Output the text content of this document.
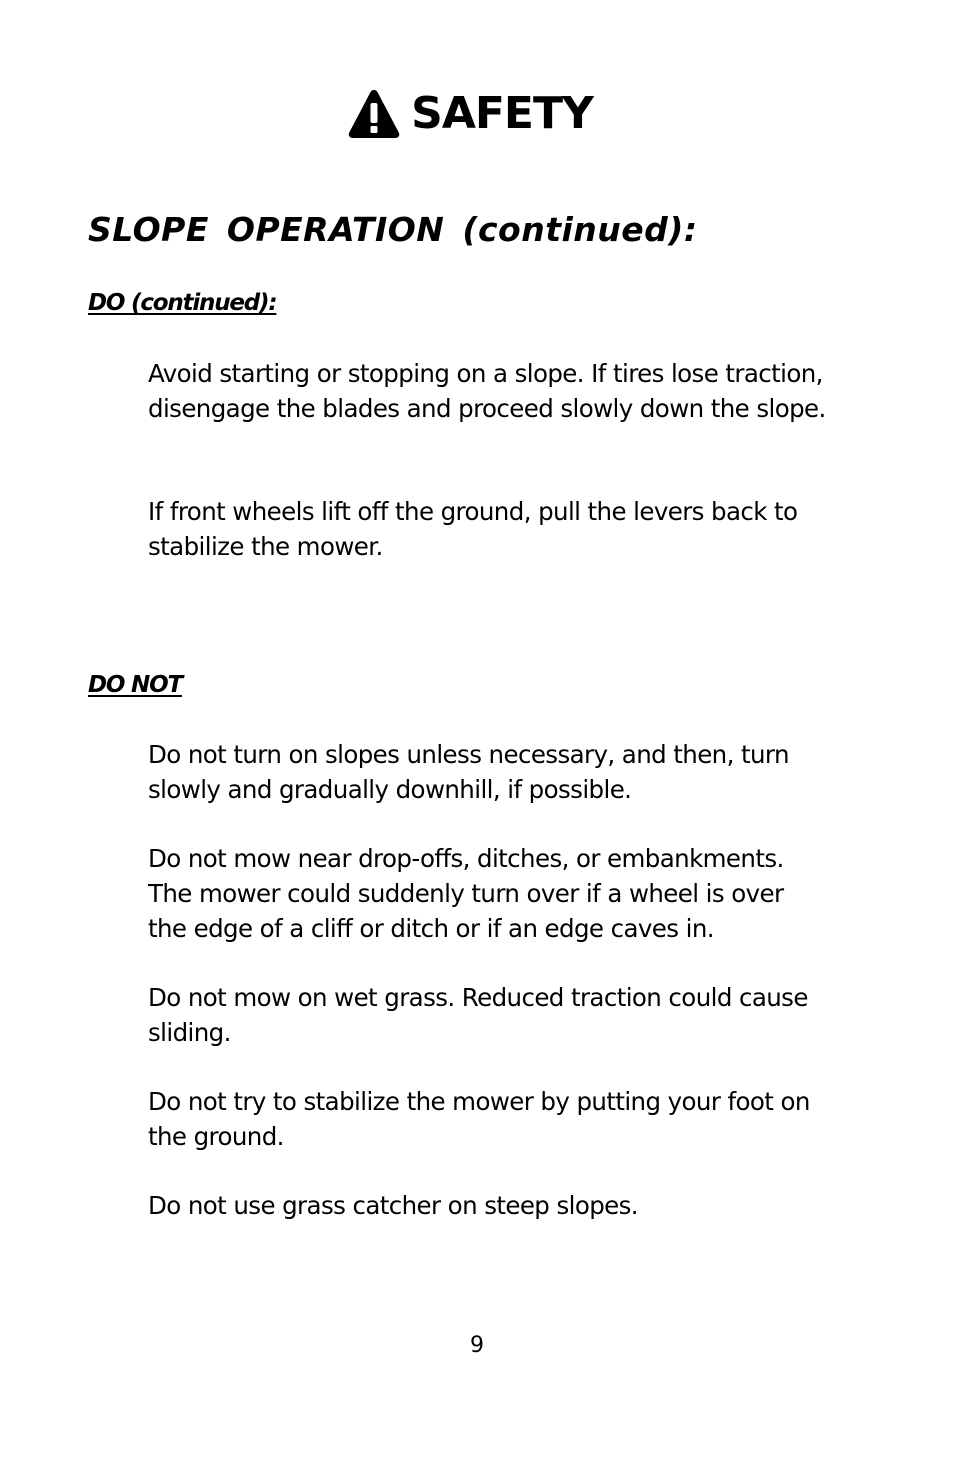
SAFETY
SLOPE OPERATION (continued):
DO (continued):

Avoid starting or stopping on a slope. If tires lose traction, disengage the blades and proceed slowly down the slope.

If front wheels lift off the ground, pull the levers back to stabilize the mower.

DO NOT

Do not turn on slopes unless necessary, and then, turn slowly and gradually downhill, if possible.

Do not mow near drop-offs, ditches, or embankments. The mower could suddenly turn over if a wheel is over the edge of a cliff or ditch or if an edge caves in.

Do not mow on wet grass. Reduced traction could cause sliding.

Do not try to stabilize the mower by putting your foot on the ground.

Do not use grass catcher on steep slopes.

9
